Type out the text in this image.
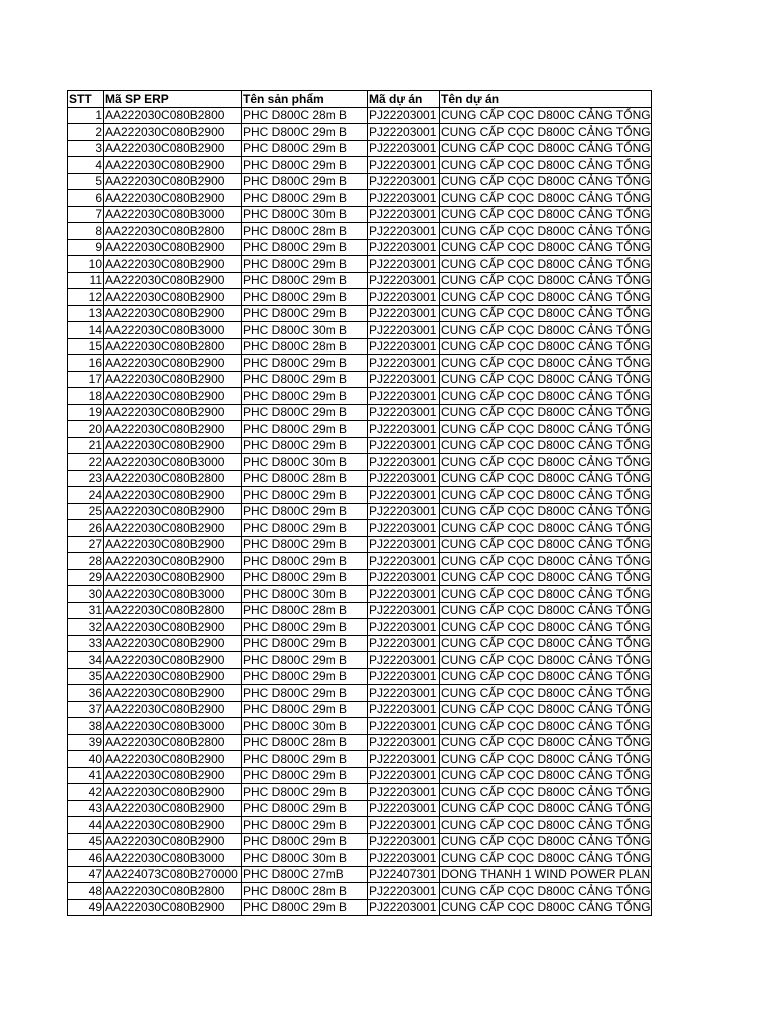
STT	Mã SP ERP	Tên sản phẩm	Mã dự án	Tên dự án
1	AA222030C080B2800	PHC D800C 28m B	PJ22203001	CUNG CẤP CỌC D800C CẢNG TỔNG
2	AA222030C080B2900	PHC D800C 29m B	PJ22203001	CUNG CẤP CỌC D800C CẢNG TỔNG
3	AA222030C080B2900	PHC D800C 29m B	PJ22203001	CUNG CẤP CỌC D800C CẢNG TỔNG
4	AA222030C080B2900	PHC D800C 29m B	PJ22203001	CUNG CẤP CỌC D800C CẢNG TỔNG
5	AA222030C080B2900	PHC D800C 29m B	PJ22203001	CUNG CẤP CỌC D800C CẢNG TỔNG
6	AA222030C080B2900	PHC D800C 29m B	PJ22203001	CUNG CẤP CỌC D800C CẢNG TỔNG
7	AA222030C080B3000	PHC D800C 30m B	PJ22203001	CUNG CẤP CỌC D800C CẢNG TỔNG
8	AA222030C080B2800	PHC D800C 28m B	PJ22203001	CUNG CẤP CỌC D800C CẢNG TỔNG
9	AA222030C080B2900	PHC D800C 29m B	PJ22203001	CUNG CẤP CỌC D800C CẢNG TỔNG
10	AA222030C080B2900	PHC D800C 29m B	PJ22203001	CUNG CẤP CỌC D800C CẢNG TỔNG
11	AA222030C080B2900	PHC D800C 29m B	PJ22203001	CUNG CẤP CỌC D800C CẢNG TỔNG
12	AA222030C080B2900	PHC D800C 29m B	PJ22203001	CUNG CẤP CỌC D800C CẢNG TỔNG
13	AA222030C080B2900	PHC D800C 29m B	PJ22203001	CUNG CẤP CỌC D800C CẢNG TỔNG
14	AA222030C080B3000	PHC D800C 30m B	PJ22203001	CUNG CẤP CỌC D800C CẢNG TỔNG
15	AA222030C080B2800	PHC D800C 28m B	PJ22203001	CUNG CẤP CỌC D800C CẢNG TỔNG
16	AA222030C080B2900	PHC D800C 29m B	PJ22203001	CUNG CẤP CỌC D800C CẢNG TỔNG
17	AA222030C080B2900	PHC D800C 29m B	PJ22203001	CUNG CẤP CỌC D800C CẢNG TỔNG
18	AA222030C080B2900	PHC D800C 29m B	PJ22203001	CUNG CẤP CỌC D800C CẢNG TỔNG
19	AA222030C080B2900	PHC D800C 29m B	PJ22203001	CUNG CẤP CỌC D800C CẢNG TỔNG
20	AA222030C080B2900	PHC D800C 29m B	PJ22203001	CUNG CẤP CỌC D800C CẢNG TỔNG
21	AA222030C080B2900	PHC D800C 29m B	PJ22203001	CUNG CẤP CỌC D800C CẢNG TỔNG
22	AA222030C080B3000	PHC D800C 30m B	PJ22203001	CUNG CẤP CỌC D800C CẢNG TỔNG
23	AA222030C080B2800	PHC D800C 28m B	PJ22203001	CUNG CẤP CỌC D800C CẢNG TỔNG
24	AA222030C080B2900	PHC D800C 29m B	PJ22203001	CUNG CẤP CỌC D800C CẢNG TỔNG
25	AA222030C080B2900	PHC D800C 29m B	PJ22203001	CUNG CẤP CỌC D800C CẢNG TỔNG
26	AA222030C080B2900	PHC D800C 29m B	PJ22203001	CUNG CẤP CỌC D800C CẢNG TỔNG
27	AA222030C080B2900	PHC D800C 29m B	PJ22203001	CUNG CẤP CỌC D800C CẢNG TỔNG
28	AA222030C080B2900	PHC D800C 29m B	PJ22203001	CUNG CẤP CỌC D800C CẢNG TỔNG
29	AA222030C080B2900	PHC D800C 29m B	PJ22203001	CUNG CẤP CỌC D800C CẢNG TỔNG
30	AA222030C080B3000	PHC D800C 30m B	PJ22203001	CUNG CẤP CỌC D800C CẢNG TỔNG
31	AA222030C080B2800	PHC D800C 28m B	PJ22203001	CUNG CẤP CỌC D800C CẢNG TỔNG
32	AA222030C080B2900	PHC D800C 29m B	PJ22203001	CUNG CẤP CỌC D800C CẢNG TỔNG
33	AA222030C080B2900	PHC D800C 29m B	PJ22203001	CUNG CẤP CỌC D800C CẢNG TỔNG
34	AA222030C080B2900	PHC D800C 29m B	PJ22203001	CUNG CẤP CỌC D800C CẢNG TỔNG
35	AA222030C080B2900	PHC D800C 29m B	PJ22203001	CUNG CẤP CỌC D800C CẢNG TỔNG
36	AA222030C080B2900	PHC D800C 29m B	PJ22203001	CUNG CẤP CỌC D800C CẢNG TỔNG
37	AA222030C080B2900	PHC D800C 29m B	PJ22203001	CUNG CẤP CỌC D800C CẢNG TỔNG
38	AA222030C080B3000	PHC D800C 30m B	PJ22203001	CUNG CẤP CỌC D800C CẢNG TỔNG
39	AA222030C080B2800	PHC D800C 28m B	PJ22203001	CUNG CẤP CỌC D800C CẢNG TỔNG
40	AA222030C080B2900	PHC D800C 29m B	PJ22203001	CUNG CẤP CỌC D800C CẢNG TỔNG
41	AA222030C080B2900	PHC D800C 29m B	PJ22203001	CUNG CẤP CỌC D800C CẢNG TỔNG
42	AA222030C080B2900	PHC D800C 29m B	PJ22203001	CUNG CẤP CỌC D800C CẢNG TỔNG
43	AA222030C080B2900	PHC D800C 29m B	PJ22203001	CUNG CẤP CỌC D800C CẢNG TỔNG
44	AA222030C080B2900	PHC D800C 29m B	PJ22203001	CUNG CẤP CỌC D800C CẢNG TỔNG
45	AA222030C080B2900	PHC D800C 29m B	PJ22203001	CUNG CẤP CỌC D800C CẢNG TỔNG
46	AA222030C080B3000	PHC D800C 30m B	PJ22203001	CUNG CẤP CỌC D800C CẢNG TỔNG
47	AA224073C080B270000	PHC D800C 27mB	PJ22407301	DONG THANH 1 WIND POWER PLAN
48	AA222030C080B2800	PHC D800C 28m B	PJ22203001	CUNG CẤP CỌC D800C CẢNG TỔNG
49	AA222030C080B2900	PHC D800C 29m B	PJ22203001	CUNG CẤP CỌC D800C CẢNG TỔNG
